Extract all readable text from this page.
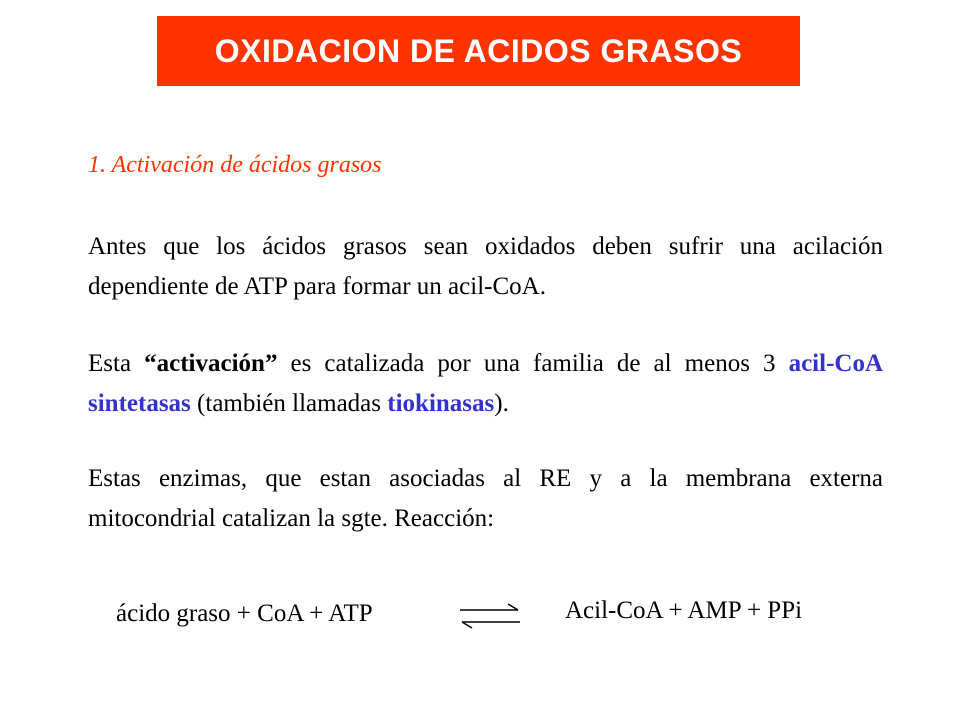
OXIDACION DE ACIDOS GRASOS
1. Activación de ácidos grasos
Antes que los ácidos grasos sean oxidados deben sufrir una acilación dependiente de ATP para formar un acil-CoA.
Esta “activación” es catalizada por una familia de al menos 3 acil-CoA sintetasas (también llamadas tiokinasas).
Estas enzimas, que estan asociadas al RE y a la membrana externa mitocondrial catalizan la sgte. Reacción:
ácido graso + CoA + ATP	Acil-CoA + AMP + PPi
